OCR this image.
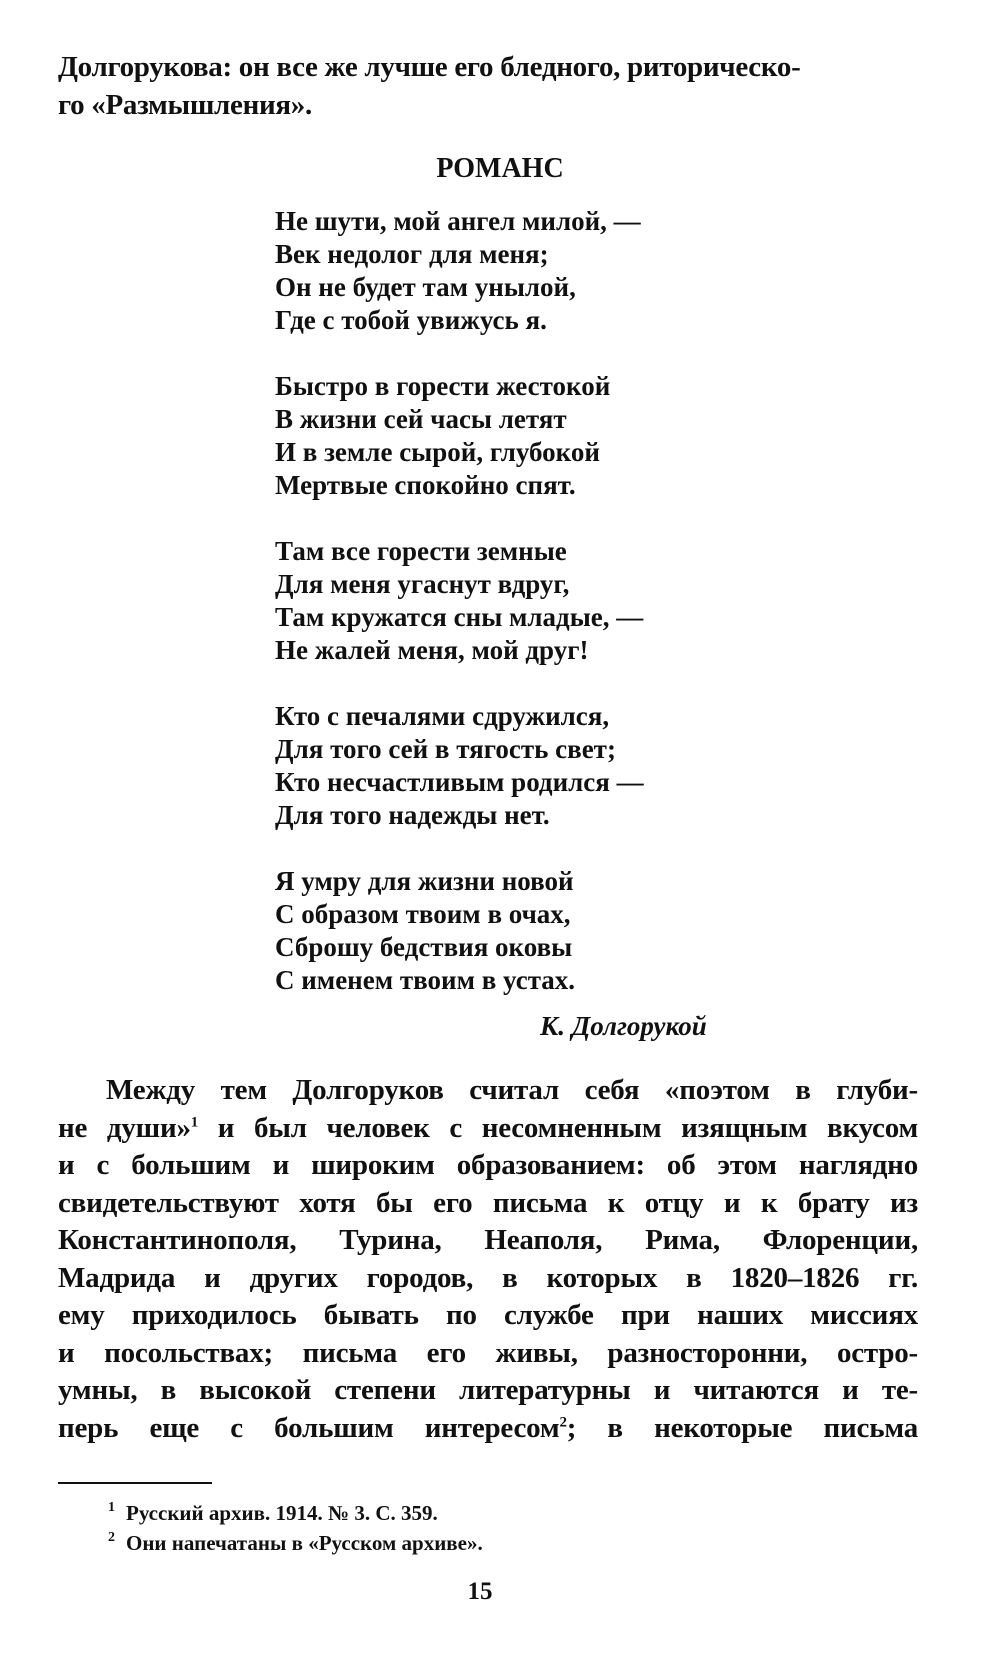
Долгорукова: он все же лучше его бледного, риторическо-
го «Размышления».
РОМАНС
Не шути, мой ангел милой, —
Век недолог для меня;
Он не будет там унылой,
Где с тобой увижусь я.
Быстро в горести жестокой
В жизни сей часы летят
И в земле сырой, глубокой
Мертвые спокойно спят.
Там все горести земные
Для меня угаснут вдруг,
Там кружатся сны младые, —
Не жалей меня, мой друг!
Кто с печалями сдружился,
Для того сей в тягость свет;
Кто несчастливым родился —
Для того надежды нет.
Я умру для жизни новой
С образом твоим в очах,
Сброшу бедствия оковы
С именем твоим в устах.
К. Долгорукой
Между тем Долгоруков считал себя «поэтом в глуби-
не души»$^1$ и был человек с несомненным изящным вкусом
и с большим и широким образованием: об этом наглядно
свидетельствуют хотя бы его письма к отцу и к брату из
Константинополя, Турина, Неаполя, Рима, Флоренции,
Мадрида и других городов, в которых в 1820–1826 гг.
ему приходилось бывать по службе при наших миссиях
и посольствах; письма его живы, разносторонни, остро-
умны, в высокой степени литературны и читаются и те-
перь еще с большим интересом$^2$; в некоторые письма
1 Русский архив. 1914. № 3. С. 359.
2 Они напечатаны в «Русском архиве».
15
